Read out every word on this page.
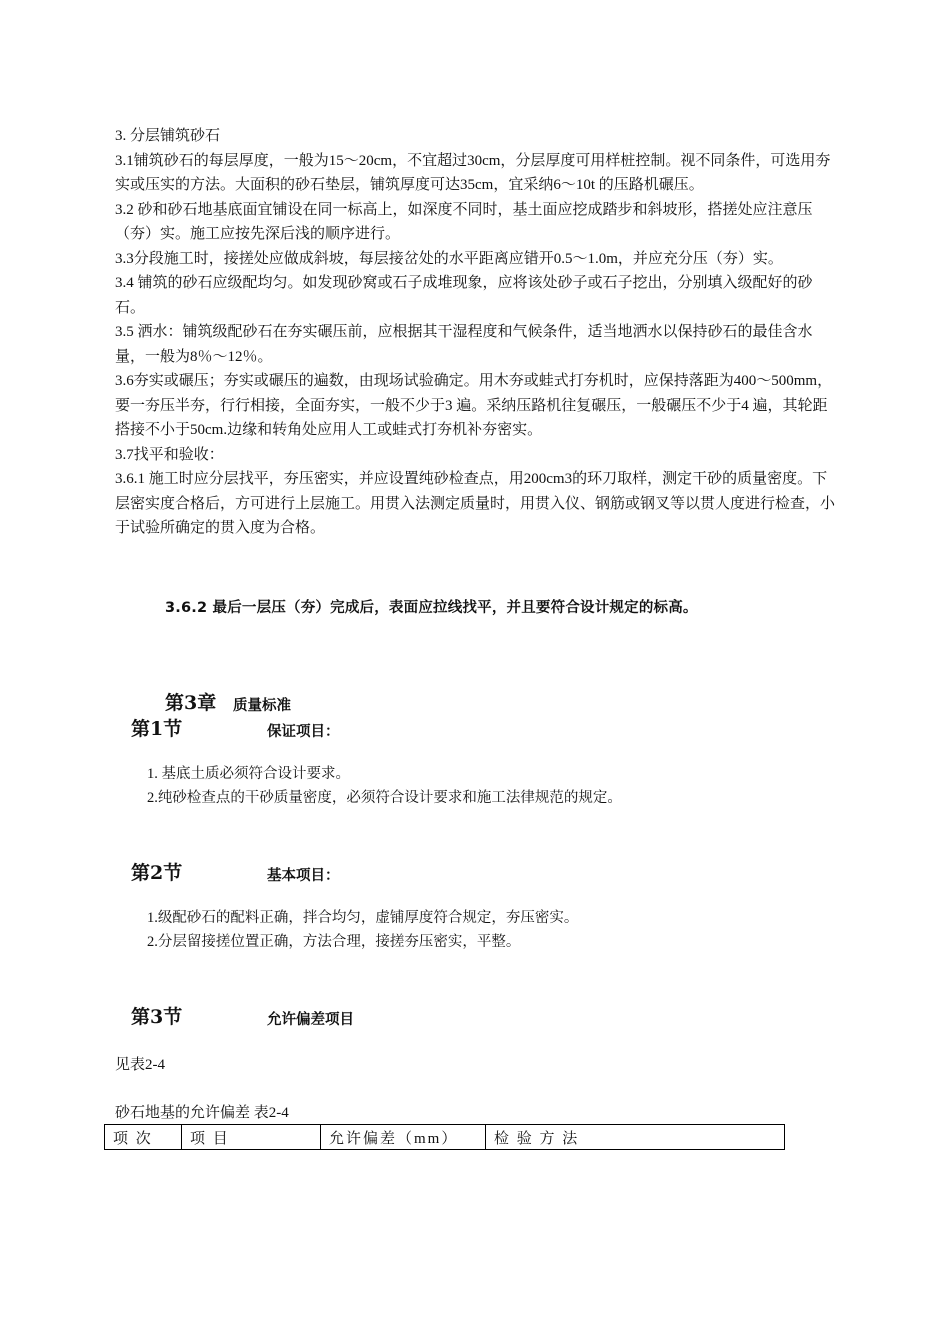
3. 分层铺筑砂石

3.1铺筑砂石的每层厚度，一般为15～20cm，不宜超过30cm，分层厚度可用样桩控制。视不同条件，可选用夯实或压实的方法。大面积的砂石垫层，铺筑厚度可达35cm，宜采纳6～10t 的压路机碾压。

3.2 砂和砂石地基底面宜铺设在同一标高上，如深度不同时，基土面应挖成踏步和斜坡形，搭搓处应注意压（夯）实。施工应按先深后浅的顺序进行。

3.3分段施工时，接搓处应做成斜坡，每层接岔处的水平距离应错开0.5～1.0m，并应充分压（夯）实。

3.4 铺筑的砂石应级配均匀。如发现砂窝或石子成堆现象，应将该处砂子或石子挖出，分别填入级配好的砂石。

3.5 洒水：铺筑级配砂石在夯实碾压前，应根据其干湿程度和气候条件，适当地洒水以保持砂石的最佳含水量，一般为8％～12％。

3.6夯实或碾压；夯实或碾压的遍数，由现场试验确定。用木夯或蛙式打夯机时，应保持落距为400～500mm，要一夯压半夯，行行相接，全面夯实，一般不少于3 遍。采纳压路机往复碾压，一般碾压不少于4 遍，其轮距搭接不小于50cm.边缘和转角处应用人工或蛙式打夯机补夯密实。

3.7找平和验收：

3.6.1 施工时应分层找平，夯压密实，并应设置纯砂检查点，用200cm3的环刀取样，测定干砂的质量密度。下层密实度合格后，方可进行上层施工。用贯入法测定质量时，用贯入仪、钢筋或钢叉等以贯人度进行检查，小于试验所确定的贯入度为合格。

3.6.2 最后一层压（夯）完成后，表面应拉线找平，并且要符合设计规定的标高。
第3章 质量标准
第1节	保证项目：
1. 基底土质必须符合设计要求。
2.纯砂检查点的干砂质量密度，必须符合设计要求和施工法律规范的规定。
第2节	基本项目：
1.级配砂石的配料正确，拌合均匀，虚铺厚度符合规定，夯压密实。
2.分层留接搓位置正确，方法合理，接搓夯压密实，平整。
第3节	允许偏差项目
见表2-4
砂石地基的允许偏差 表2-4
项 次	项 目	允许偏差（mm）	检 验 方 法
